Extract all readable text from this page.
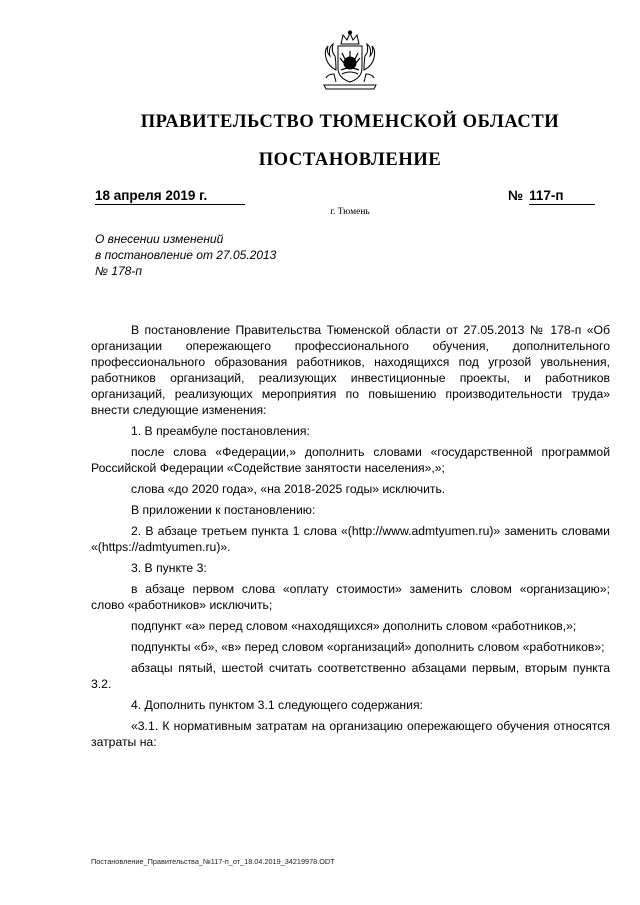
ПРАВИТЕЛЬСТВО ТЮМЕНСКОЙ ОБЛАСТИ
ПОСТАНОВЛЕНИЕ
18 апреля 2019 г.	№ 117-п
г. Тюмень
О внесении изменений
в постановление от 27.05.2013
№ 178-п

В постановление Правительства Тюменской области от 27.05.2013 № 178-п «Об организации опережающего профессионального обучения, дополнительного профессионального образования работников, находящихся под угрозой увольнения, работников организаций, реализующих инвестиционные проекты, и работников организаций, реализующих мероприятия по повышению производительности труда» внести следующие изменения:

1. В преамбуле постановления:

после слова «Федерации,» дополнить словами «государственной программой Российской Федерации «Содействие занятости населения»,»;

слова «до 2020 года», «на 2018-2025 годы» исключить.

В приложении к постановлению:

2. В абзаце третьем пункта 1 слова «(http://www.admtyumen.ru)» заменить словами «(https://admtyumen.ru)».

3. В пункте 3:

в абзаце первом слова «оплату стоимости» заменить словом «организацию»; слово «работников» исключить;

подпункт «а» перед словом «находящихся» дополнить словом «работников,»;

подпункты «б», «в» перед словом «организаций» дополнить словом «работников»;

абзацы пятый, шестой считать соответственно абзацами первым, вторым пункта 3.2.

4. Дополнить пунктом 3.1 следующего содержания:

«3.1. К нормативным затратам на организацию опережающего обучения относятся затраты на:

Постановление_Правительства_№117-п_от_18.04.2019_34219978.ODT
